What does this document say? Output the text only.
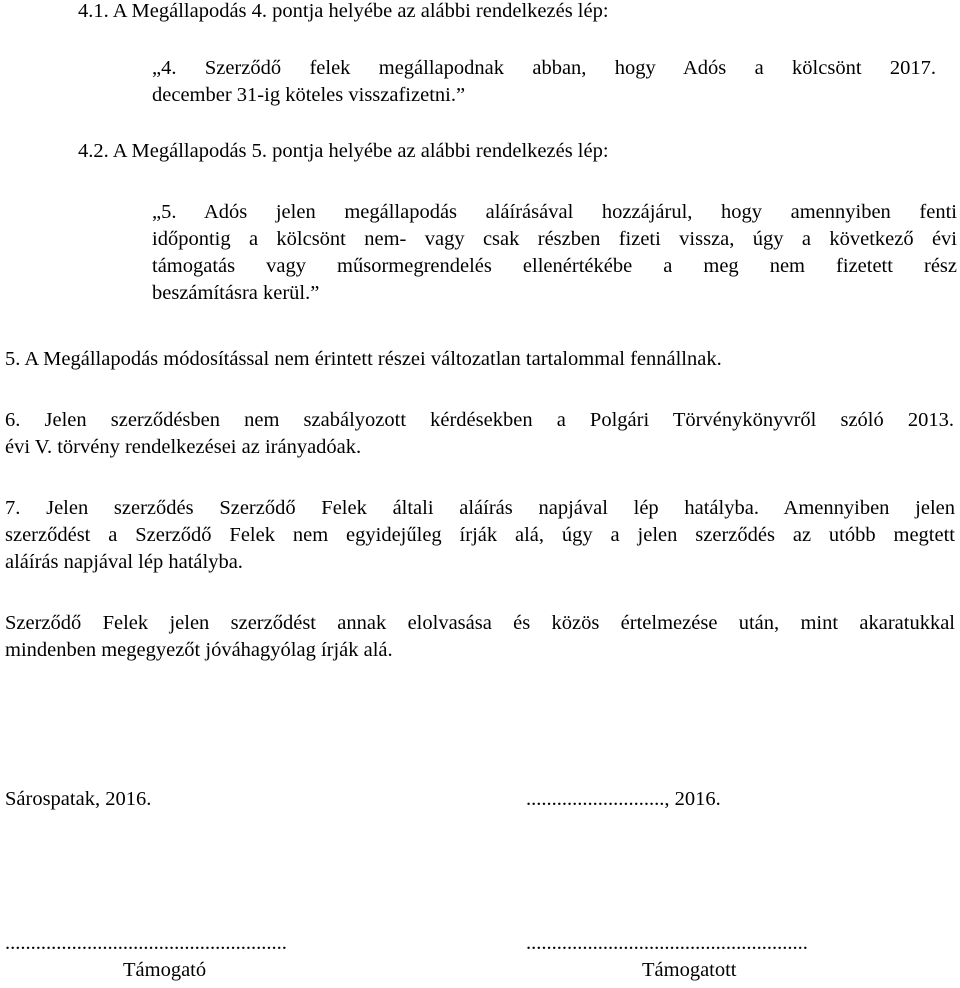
4.1. A Megállapodás 4. pontja helyébe az alábbi rendelkezés lép:

„4. Szerződő felek megállapodnak abban, hogy Adós a kölcsönt 2017.
december 31-ig köteles visszafizetni.”

4.2. A Megállapodás 5. pontja helyébe az alábbi rendelkezés lép:

„5. Adós jelen megállapodás aláírásával hozzájárul, hogy amennyiben fenti
időpontig a kölcsönt nem- vagy csak részben fizeti vissza, úgy a következő évi
támogatás vagy műsormegrendelés ellenértékébe a meg nem fizetett rész
beszámításra kerül.”

5. A Megállapodás módosítással nem érintett részei változatlan tartalommal fennállnak.

6. Jelen szerződésben nem szabályozott kérdésekben a Polgári Törvénykönyvről szóló 2013.
évi V. törvény rendelkezései az irányadóak.
7. Jelen szerződés Szerződő Felek általi aláírás napjával lép hatályba. Amennyiben jelen
szerződést a Szerződő Felek nem egyidejűleg írják alá, úgy a jelen szerződés az utóbb megtett
aláírás napjával lép hatályba.
Szerződő Felek jelen szerződést annak elolvasása és közös értelmezése után, mint akaratukkal
mindenben megegyezőt jóváhagyólag írják alá.

Sárospatak, 2016.	..........................., 2016.

.......................................................	.......................................................

Támogató	Támogatott
